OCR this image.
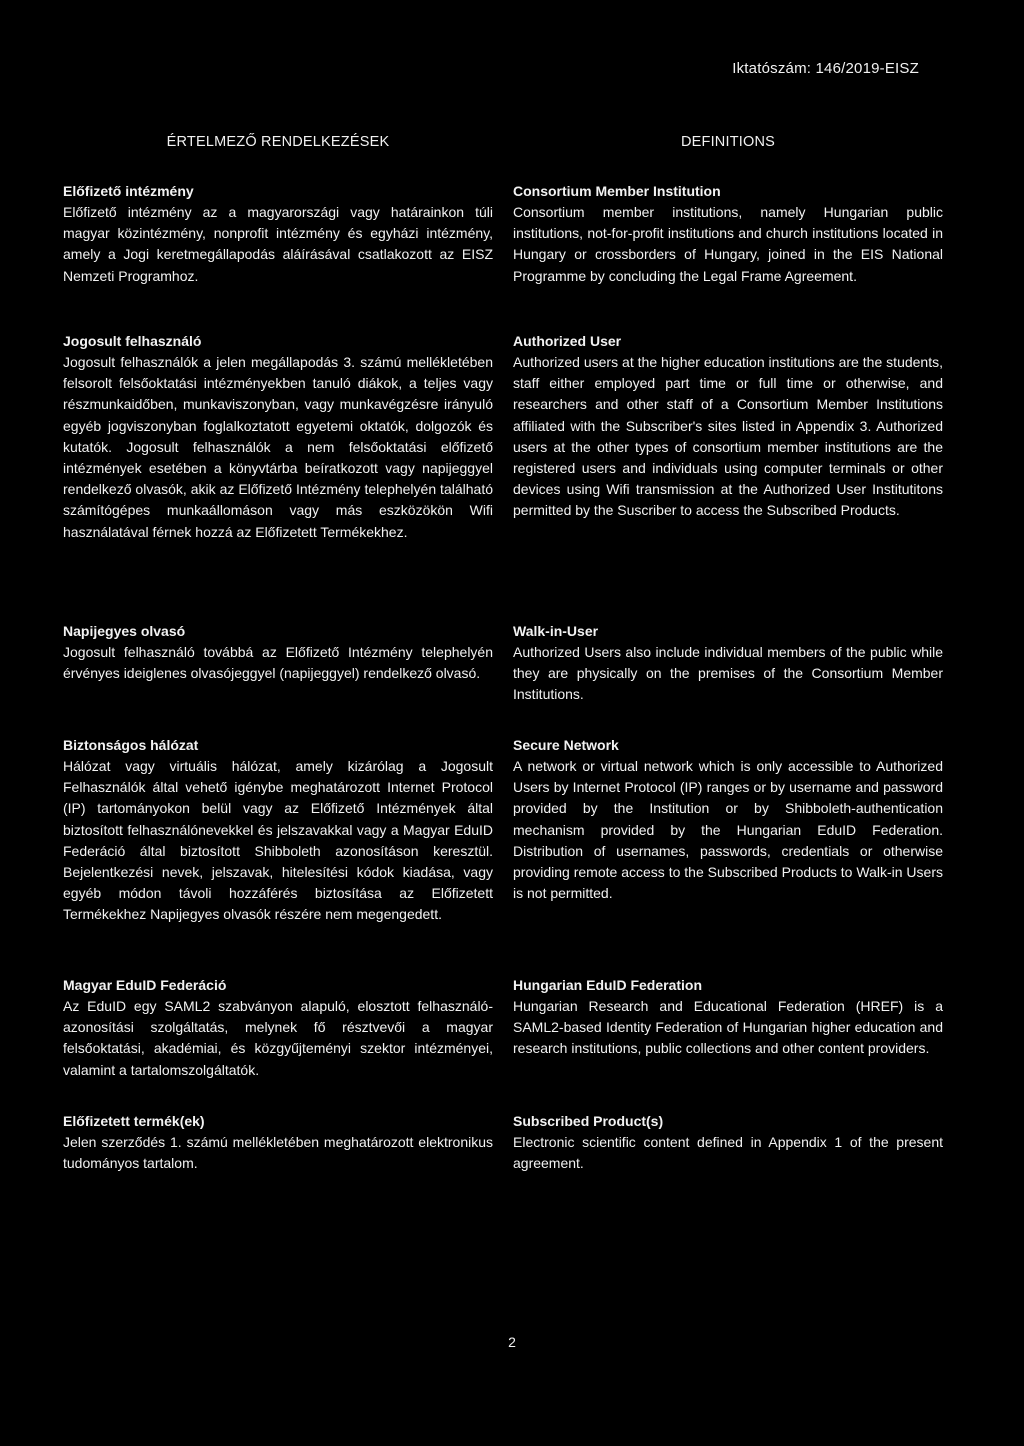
Iktatószám: 146/2019-EISZ
ÉRTELMEZŐ RENDELKEZÉSEK

Előfizető intézmény

Előfizető intézmény az a magyarországi vagy határainkon túli magyar közintézmény, nonprofit intézmény és egyházi intézmény, amely a Jogi keretmegállapodás aláírásával csatlakozott az EISZ Nemzeti Programhoz.

Jogosult felhasználó

Jogosult felhasználók a jelen megállapodás 3. számú mellékletében felsorolt felsőoktatási intézményekben tanuló diákok, a teljes vagy részmunkaidőben, munkaviszonyban, vagy munkavégzésre irányuló egyéb jogviszonyban foglalkoztatott egyetemi oktatók, dolgozók és kutatók. Jogosult felhasználók a nem felsőoktatási előfizető intézmények esetében a könyvtárba beíratkozott vagy napijeggyel rendelkező olvasók, akik az Előfizető Intézmény telephelyén található számítógépes munkaállomáson vagy más eszközökön Wifi használatával férnek hozzá az Előfizetett Termékekhez.

Napijegyes olvasó

Jogosult felhasználó továbbá az Előfizető Intézmény telephelyén érvényes ideiglenes olvasójeggyel (napijeggyel) rendelkező olvasó.

Biztonságos hálózat

Hálózat vagy virtuális hálózat, amely kizárólag a Jogosult Felhasználók által vehető igénybe meghatározott Internet Protocol (IP) tartományokon belül vagy az Előfizető Intézmények által biztosított felhasználónevekkel és jelszavakkal vagy a Magyar EduID Federáció által biztosított Shibboleth azonosításon keresztül. Bejelentkezési nevek, jelszavak, hitelesítési kódok kiadása, vagy egyéb módon távoli hozzáférés biztosítása az Előfizetett Termékekhez Napijegyes olvasók részére nem megengedett.

Magyar EduID Federáció

Az EduID egy SAML2 szabványon alapuló, elosztott felhasználó-azonosítási szolgáltatás, melynek fő résztvevői a magyar felsőoktatási, akadémiai, és közgyűjteményi szektor intézményei, valamint a tartalomszolgáltatók.

Előfizetett termék(ek)

Jelen szerződés 1. számú mellékletében meghatározott elektronikus tudományos tartalom.

DEFINITIONS

Consortium Member Institution

Consortium member institutions, namely Hungarian public institutions, not-for-profit institutions and church institutions located in Hungary or crossborders of Hungary, joined in the EIS National Programme by concluding the Legal Frame Agreement.

Authorized User

Authorized users at the higher education institutions are the students, staff either employed part time or full time or otherwise, and researchers and other staff of a Consortium Member Institutions affiliated with the Subscriber's sites listed in Appendix 3. Authorized users at the other types of consortium member institutions are the registered users and individuals using computer terminals or other devices using Wifi transmission at the Authorized User Institutitons permitted by the Suscriber to access the Subscribed Products.

Walk-in-User

Authorized Users also include individual members of the public while they are physically on the premises of the Consortium Member Institutions.

Secure Network

A network or virtual network which is only accessible to Authorized Users by Internet Protocol (IP) ranges or by username and password provided by the Institution or by Shibboleth-authentication mechanism provided by the Hungarian EduID Federation. Distribution of usernames, passwords, credentials or otherwise providing remote access to the Subscribed Products to Walk-in Users is not permitted.

Hungarian EduID Federation

Hungarian Research and Educational Federation (HREF) is a SAML2-based Identity Federation of Hungarian higher education and research institutions, public collections and other content providers.

Subscribed Product(s)

Electronic scientific content defined in Appendix 1 of the present agreement.

2
